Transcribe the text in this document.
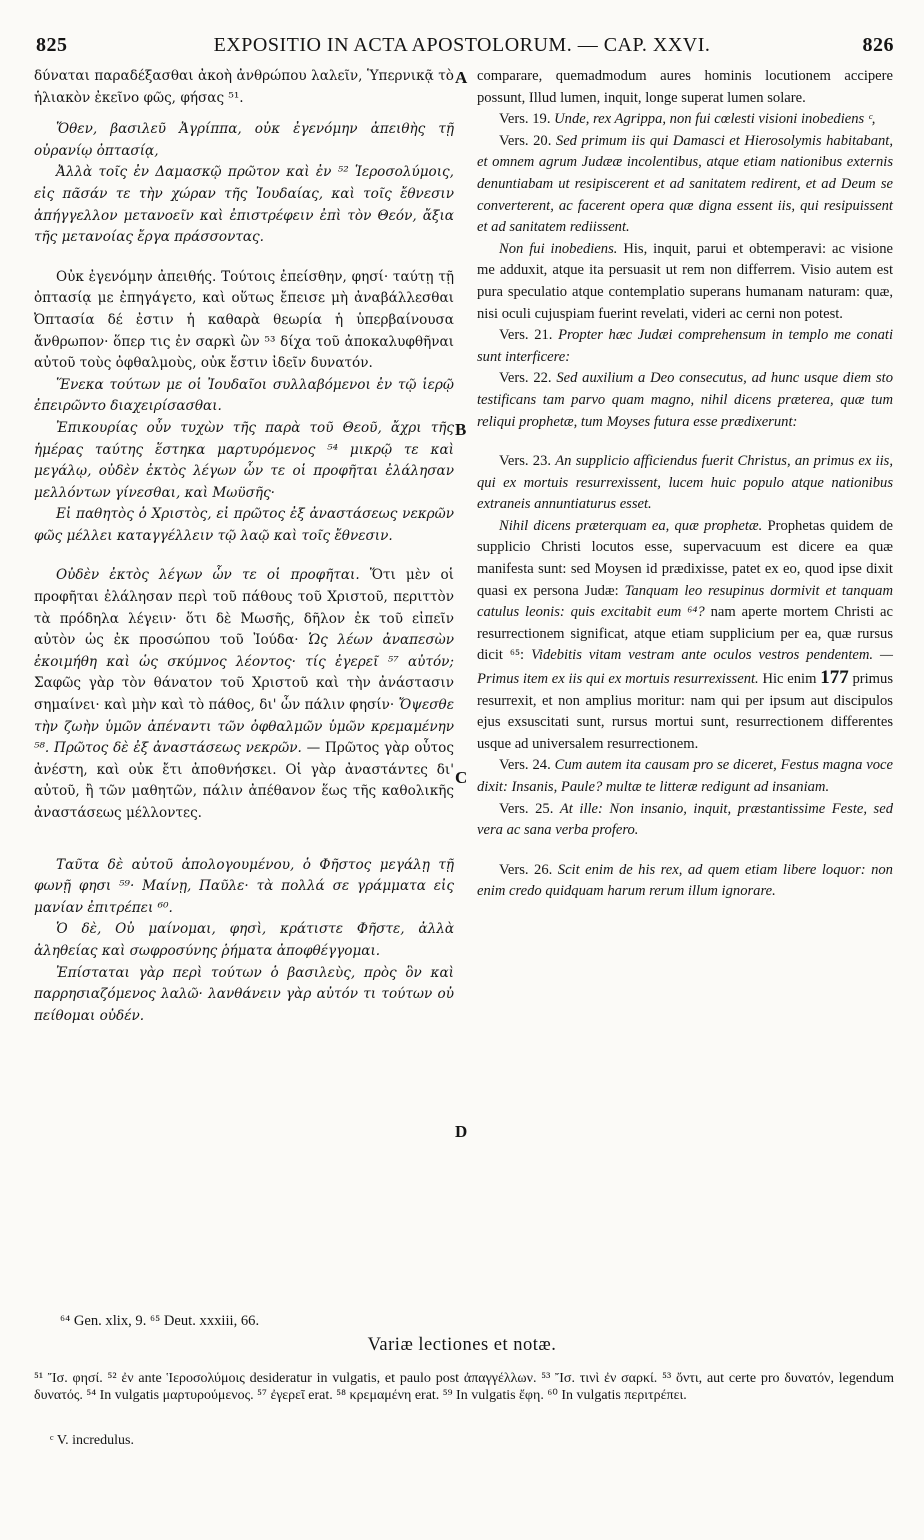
825	EXPOSITIO IN ACTA APOSTOLORUM. — CAP. XXVI.	826
A
B
C
D

δύναται παραδέξασθαι ἀκοὴ ἀνθρώπου λαλεῖν, Ὑπερνικᾷ τὸ ἡλιακὸν ἐκεῖνο φῶς, φήσας ⁵¹.

Ὅθεν, βασιλεῦ Ἀγρίππα, οὐκ ἐγενόμην ἀπειθὴς τῇ οὐρανίῳ ὀπτασίᾳ,

Ἀλλὰ τοῖς ἐν Δαμασκῷ πρῶτον καὶ ἐν ⁵² Ἱεροσολύμοις, εἰς πᾶσάν τε τὴν χώραν τῆς Ἰουδαίας, καὶ τοῖς ἔθνεσιν ἀπήγγελλον μετανοεῖν καὶ ἐπιστρέφειν ἐπὶ τὸν Θεόν, ἄξια τῆς μετανοίας ἔργα πράσσοντας.

Οὐκ ἐγενόμην ἀπειθής. Τούτοις ἐπείσθην, φησί· ταύτῃ τῇ ὀπτασίᾳ με ἐπηγάγετο, καὶ οὕτως ἔπεισε μὴ ἀναβάλλεσθαι Ὀπτασία δέ ἐστιν ἡ καθαρὰ θεωρία ἡ ὑπερβαίνουσα ἄνθρωπον· ὅπερ τις ἐν σαρκὶ ὢν ⁵³ δίχα τοῦ ἀποκαλυφθῆναι αὐτοῦ τοὺς ὀφθαλμοὺς, οὐκ ἔστιν ἰδεῖν δυνατόν.

Ἕνεκα τούτων με οἱ Ἰουδαῖοι συλλαβόμενοι ἐν τῷ ἱερῷ ἐπειρῶντο διαχειρίσασθαι.

Ἐπικουρίας οὖν τυχὼν τῆς παρὰ τοῦ Θεοῦ, ἄχρι τῆς ἡμέρας ταύτης ἕστηκα μαρτυρόμενος ⁵⁴ μικρῷ τε καὶ μεγάλῳ, οὐδὲν ἐκτὸς λέγων ὧν τε οἱ προφῆται ἐλάλησαν μελλόντων γίνεσθαι, καὶ Μωϋσῆς·

Εἰ παθητὸς ὁ Χριστὸς, εἰ πρῶτος ἐξ ἀναστάσεως νεκρῶν φῶς μέλλει καταγγέλλειν τῷ λαῷ καὶ τοῖς ἔθνεσιν.

Οὐδὲν ἐκτὸς λέγων ὧν τε οἱ προφῆται. Ὅτι μὲν οἱ προφῆται ἐλάλησαν περὶ τοῦ πάθους τοῦ Χριστοῦ, περιττὸν τὰ πρόδηλα λέγειν· ὅτι δὲ Μωσῆς, δῆλον ἐκ τοῦ εἰπεῖν αὐτὸν ὡς ἐκ προσώπου τοῦ Ἰούδα· Ὡς λέων ἀναπεσὼν ἐκοιμήθη καὶ ὡς σκύμνος λέοντος· τίς ἐγερεῖ ⁵⁷ αὐτόν; Σαφῶς γὰρ τὸν θάνατον τοῦ Χριστοῦ καὶ τὴν ἀνάστασιν σημαίνει· καὶ μὴν καὶ τὸ πάθος, δι' ὧν πάλιν φησίν· Ὄψεσθε τὴν ζωὴν ὑμῶν ἀπέναντι τῶν ὀφθαλμῶν ὑμῶν κρεμαμένην ⁵⁸. Πρῶτος δὲ ἐξ ἀναστάσεως νεκρῶν. — Πρῶτος γὰρ οὗτος ἀνέστη, καὶ οὐκ ἔτι ἀποθνήσκει. Οἱ γὰρ ἀναστάντες δι' αὐτοῦ, ἢ τῶν μαθητῶν, πάλιν ἀπέθανον ἕως τῆς καθολικῆς ἀναστάσεως μέλλοντες.

Ταῦτα δὲ αὐτοῦ ἀπολογουμένου, ὁ Φῆστος μεγάλῃ τῇ φωνῇ φησι ⁵⁹· Μαίνῃ, Παῦλε· τὰ πολλά σε γράμματα εἰς μανίαν ἐπιτρέπει ⁶⁰.

Ὁ δὲ, Οὐ μαίνομαι, φησὶ, κράτιστε Φῆστε, ἀλλὰ ἀληθείας καὶ σωφροσύνης ῥήματα ἀποφθέγγομαι.

Ἐπίσταται γὰρ περὶ τούτων ὁ βασιλεὺς, πρὸς ὃν καὶ παρρησιαζόμενος λαλῶ· λανθάνειν γὰρ αὐτόν τι τούτων οὐ πείθομαι οὐδέν.

comparare, quemadmodum aures hominis locutionem accipere possunt, Illud lumen, inquit, longe superat lumen solare.

Vers. 19. Unde, rex Agrippa, non fui cœlesti visioni inobediens ᶜ,

Vers. 20. Sed primum iis qui Damasci et Hierosolymis habitabant, et omnem agrum Judææ incolentibus, atque etiam nationibus externis denuntiabam ut resipiscerent et ad sanitatem redirent, et ad Deum se converterent, ac facerent opera quæ digna essent iis, qui resipuissent et ad sanitatem rediissent.

Non fui inobediens. His, inquit, parui et obtemperavi: ac visione me adduxit, atque ita persuasit ut rem non differrem. Visio autem est pura speculatio atque contemplatio superans humanam naturam: quæ, nisi oculi cujuspiam fuerint revelati, videri ac cerni non potest.

Vers. 21. Propter hæc Judæi comprehensum in templo me conati sunt interficere:

Vers. 22. Sed auxilium a Deo consecutus, ad hunc usque diem sto testificans tam parvo quam magno, nihil dicens præterea, quæ tum reliqui prophetæ, tum Moyses futura esse prædixerunt:

Vers. 23. An supplicio afficiendus fuerit Christus, an primus ex iis, qui ex mortuis resurrexissent, lucem huic populo atque nationibus extraneis annuntiaturus esset.

Nihil dicens præterquam ea, quæ prophetæ. Prophetas quidem de supplicio Christi locutos esse, supervacuum est dicere ea quæ manifesta sunt: sed Moysen id prædixisse, patet ex eo, quod ipse dixit quasi ex persona Judæ: Tanquam leo resupinus dormivit et tanquam catulus leonis: quis excitabit eum ⁶⁴? nam aperte mortem Christi ac resurrectionem significat, atque etiam supplicium per ea, quæ rursus dicit ⁶⁵: Videbitis vitam vestram ante oculos vestros pendentem. — Primus item ex iis qui ex mortuis resurrexissent. Hic enim 177 primus resurrexit, et non amplius moritur: nam qui per ipsum aut discipulos ejus exsuscitati sunt, rursus mortui sunt, resurrectionem differentes usque ad universalem resurrectionem.

Vers. 24. Cum autem ita causam pro se diceret, Festus magna voce dixit: Insanis, Paule? multæ te litteræ redigunt ad insaniam.

Vers. 25. At ille: Non insanio, inquit, præstantissime Feste, sed vera ac sana verba profero.

Vers. 26. Scit enim de his rex, ad quem etiam libere loquor: non enim credo quidquam harum rerum illum ignorare.

⁶⁴ Gen. xlix, 9. ⁶⁵ Deut. xxxiii, 66.
Variæ lectiones et notæ.
⁵¹ Ἴσ. φησί. ⁵² ἐν ante Ἱεροσολύμοις desideratur in vulgatis, et paulo post ἀπαγγέλλων. ⁵³ Ἴσ. τινὶ ἐν σαρκί. ⁵³ ὄντι, aut certe pro δυνατόν, legendum δυνατός. ⁵⁴ In vulgatis μαρτυρούμενος. ⁵⁷ ἐγερεῖ erat. ⁵⁸ κρεμαμένη erat. ⁵⁹ In vulgatis ἔφη. ⁶⁰ In vulgatis περιτρέπει.
ᶜ V. incredulus.
